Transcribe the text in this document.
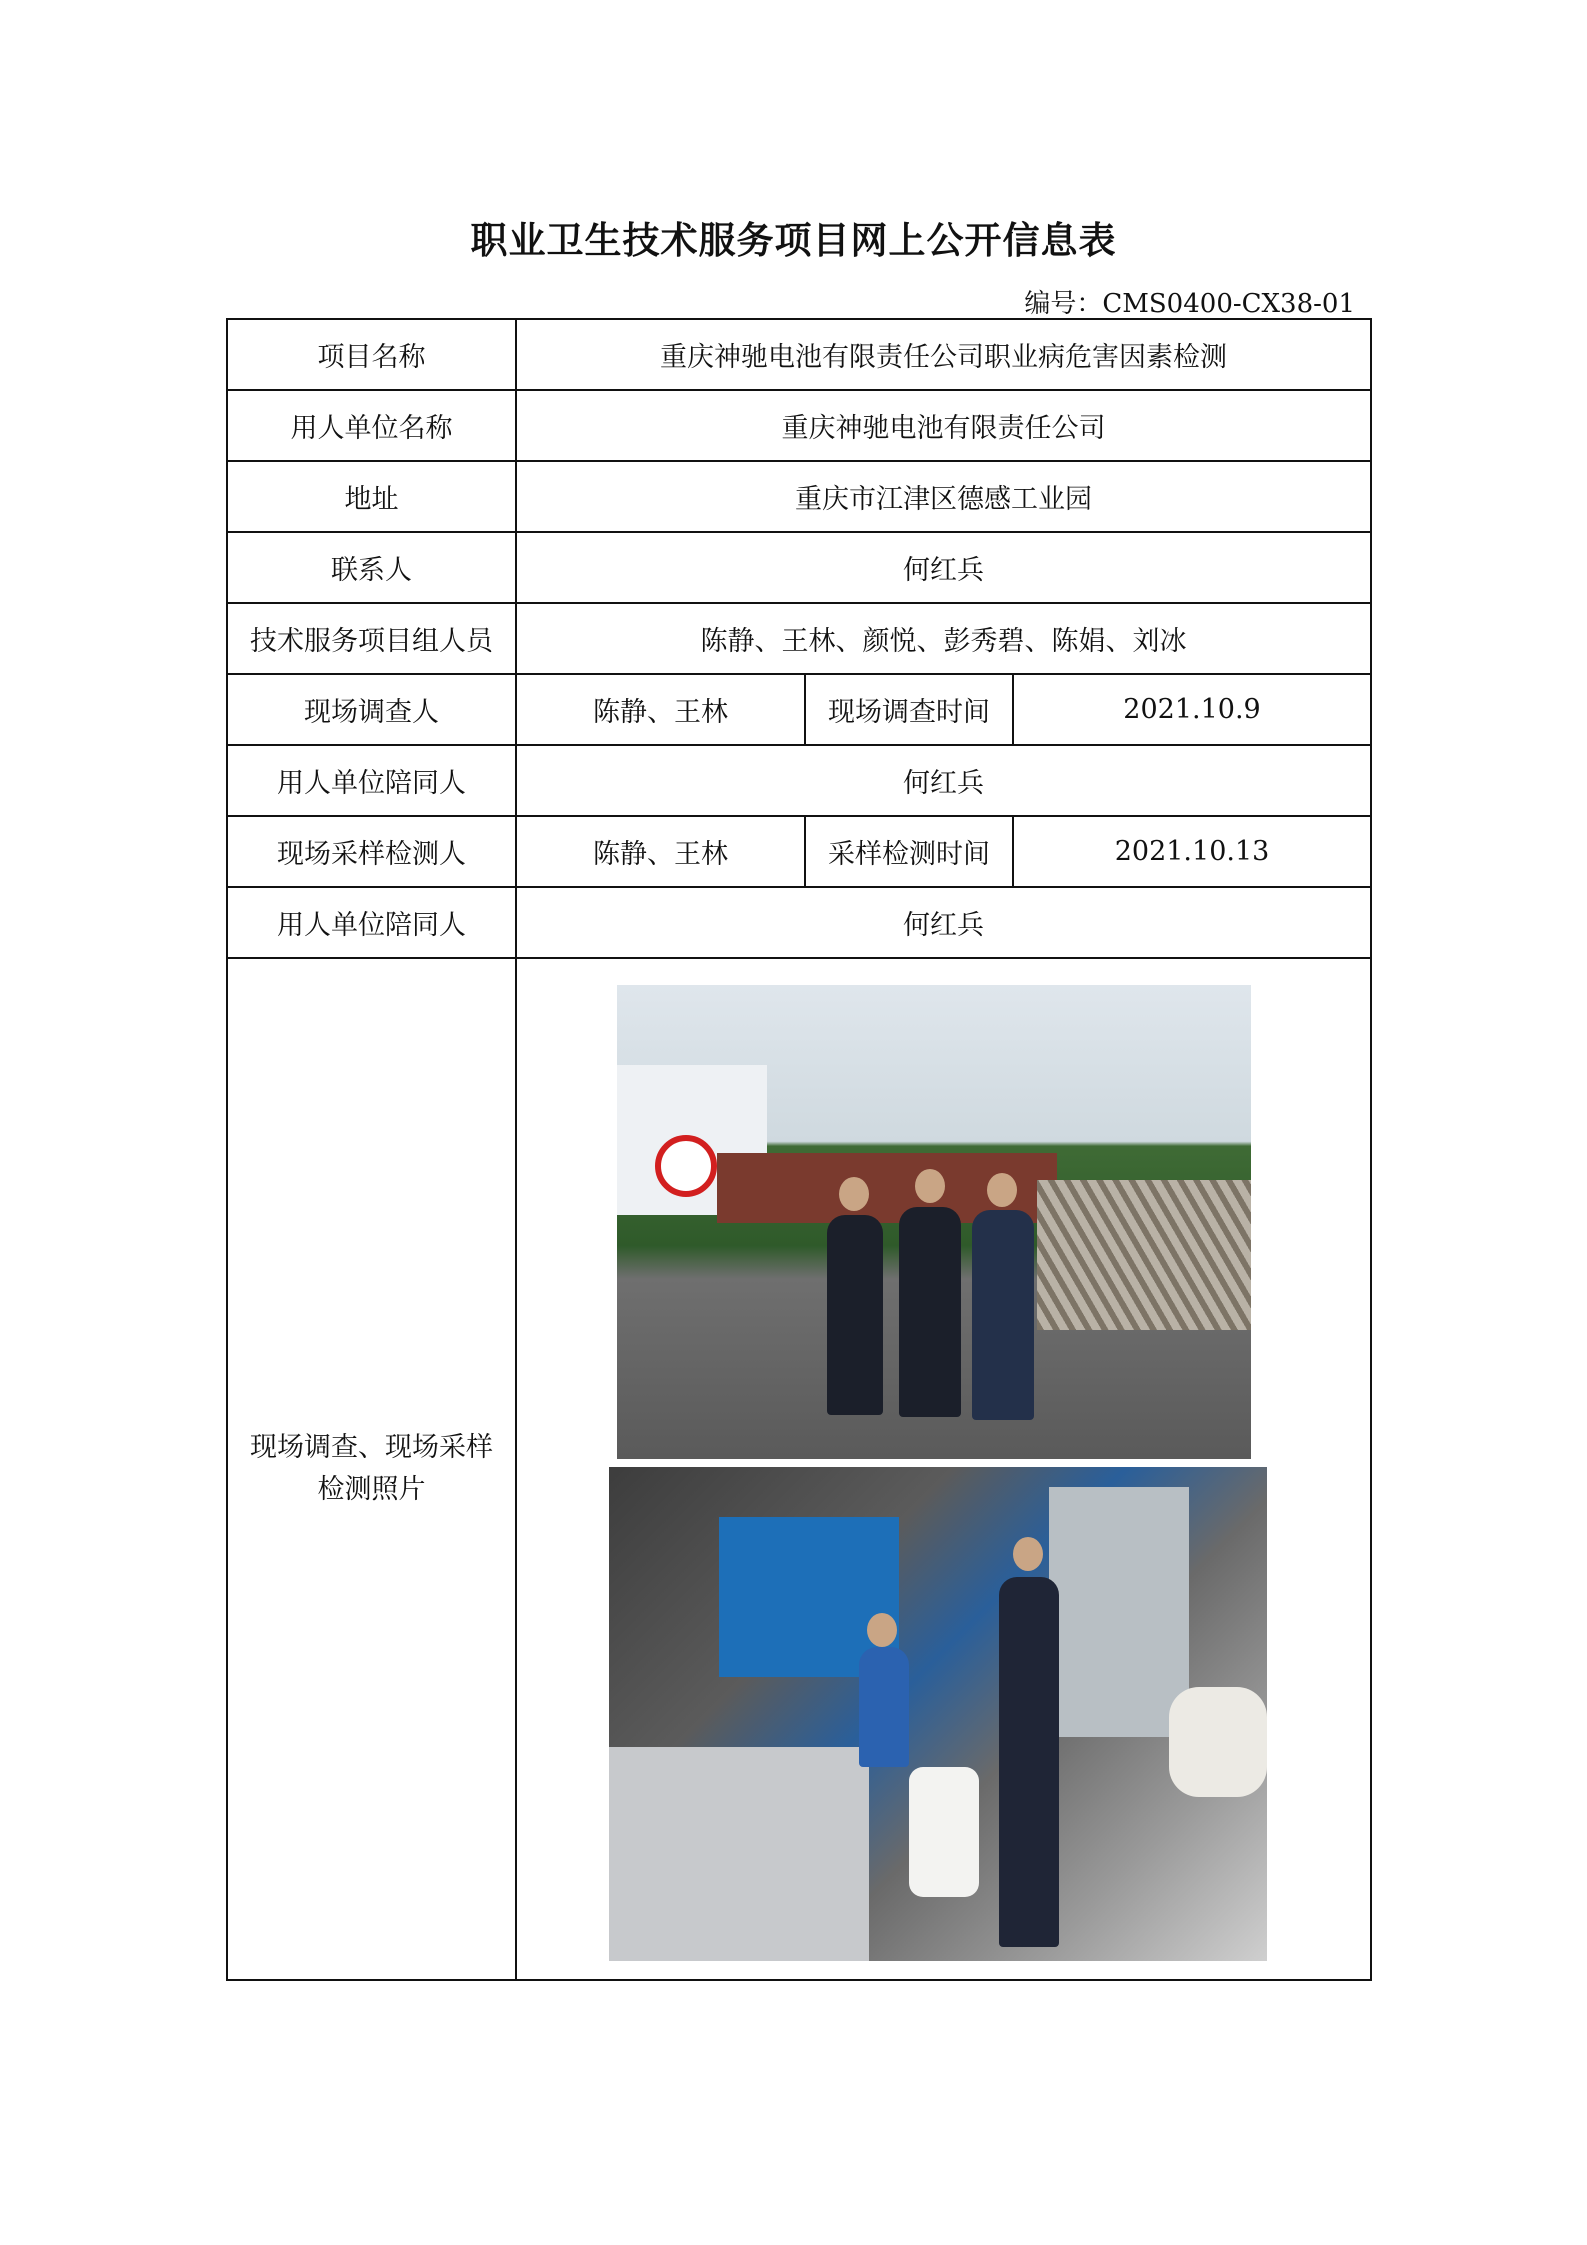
职业卫生技术服务项目网上公开信息表
编号：CMS0400-CX38-01
项目名称	重庆神驰电池有限责任公司职业病危害因素检测		
用人单位名称	重庆神驰电池有限责任公司		
地址	重庆市江津区德感工业园		
联系人	何红兵		
技术服务项目组人员	陈静、王林、颜悦、彭秀碧、陈娟、刘冰		
现场调查人	陈静、王林	现场调查时间	2021.10.9
用人单位陪同人	何红兵		
现场采样检测人	陈静、王林	采样检测时间	2021.10.13
用人单位陪同人	何红兵		
现场调查、现场采样
检测照片			
